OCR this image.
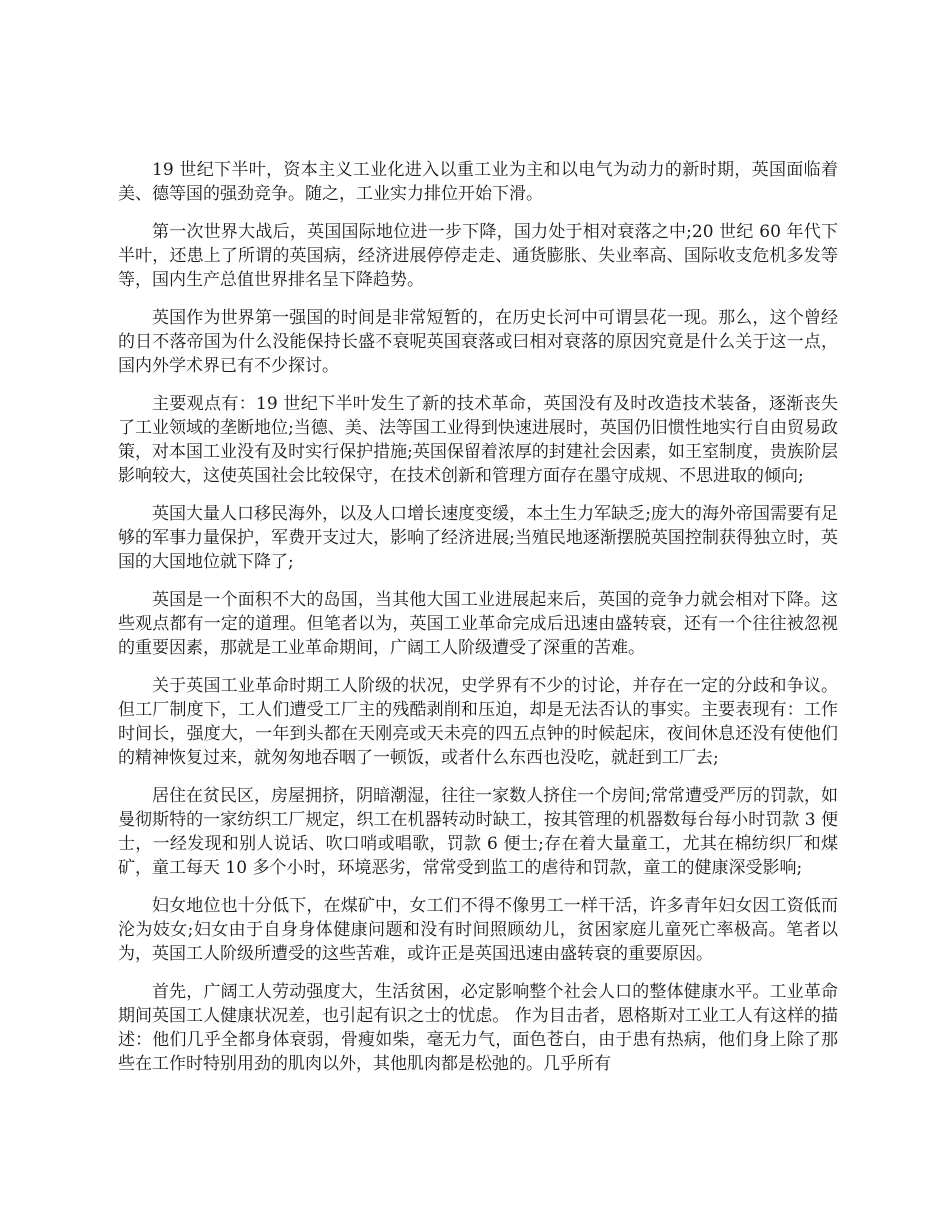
19 世纪下半叶，资本主义工业化进入以重工业为主和以电气为动力的新时期，英国面临着美、德等国的强劲竞争。随之，工业实力排位开始下滑。

第一次世界大战后，英国国际地位进一步下降，国力处于相对衰落之中;20 世纪 60 年代下半叶，还患上了所谓的英国病，经济进展停停走走、通货膨胀、失业率高、国际收支危机多发等等，国内生产总值世界排名呈下降趋势。

英国作为世界第一强国的时间是非常短暂的，在历史长河中可谓昙花一现。那么，这个曾经的日不落帝国为什么没能保持长盛不衰呢英国衰落或曰相对衰落的原因究竟是什么关于这一点，国内外学术界已有不少探讨。

主要观点有：19 世纪下半叶发生了新的技术革命，英国没有及时改造技术装备，逐渐丧失了工业领域的垄断地位;当德、美、法等国工业得到快速进展时，英国仍旧惯性地实行自由贸易政策，对本国工业没有及时实行保护措施;英国保留着浓厚的封建社会因素，如王室制度，贵族阶层影响较大，这使英国社会比较保守，在技术创新和管理方面存在墨守成规、不思进取的倾向;

英国大量人口移民海外，以及人口增长速度变缓，本土生力军缺乏;庞大的海外帝国需要有足够的军事力量保护，军费开支过大，影响了经济进展;当殖民地逐渐摆脱英国控制获得独立时，英国的大国地位就下降了;

英国是一个面积不大的岛国，当其他大国工业进展起来后，英国的竞争力就会相对下降。这些观点都有一定的道理。但笔者以为，英国工业革命完成后迅速由盛转衰，还有一个往往被忽视的重要因素，那就是工业革命期间，广阔工人阶级遭受了深重的苦难。

关于英国工业革命时期工人阶级的状况，史学界有不少的讨论，并存在一定的分歧和争议。但工厂制度下，工人们遭受工厂主的残酷剥削和压迫，却是无法否认的事实。主要表现有：工作时间长，强度大，一年到头都在天刚亮或天未亮的四五点钟的时候起床，夜间休息还没有使他们的精神恢复过来，就匆匆地吞咽了一顿饭，或者什么东西也没吃，就赶到工厂去;

居住在贫民区，房屋拥挤，阴暗潮湿，往往一家数人挤住一个房间;常常遭受严厉的罚款，如曼彻斯特的一家纺织工厂规定，织工在机器转动时缺工，按其管理的机器数每台每小时罚款 3 便士，一经发现和别人说话、吹口哨或唱歌，罚款 6 便士;存在着大量童工，尤其在棉纺织厂和煤矿，童工每天 10 多个小时，环境恶劣，常常受到监工的虐待和罚款，童工的健康深受影响;

妇女地位也十分低下，在煤矿中，女工们不得不像男工一样干活，许多青年妇女因工资低而沦为妓女;妇女由于自身身体健康问题和没有时间照顾幼儿，贫困家庭儿童死亡率极高。笔者以为，英国工人阶级所遭受的这些苦难，或许正是英国迅速由盛转衰的重要原因。

首先，广阔工人劳动强度大，生活贫困，必定影响整个社会人口的整体健康水平。工业革命期间英国工人健康状况差，也引起有识之士的忧虑。 作为目击者，恩格斯对工业工人有这样的描述：他们几乎全都身体衰弱，骨瘦如柴，毫无力气，面色苍白，由于患有热病，他们身上除了那些在工作时特别用劲的肌肉以外，其他肌肉都是松弛的。几乎所有
